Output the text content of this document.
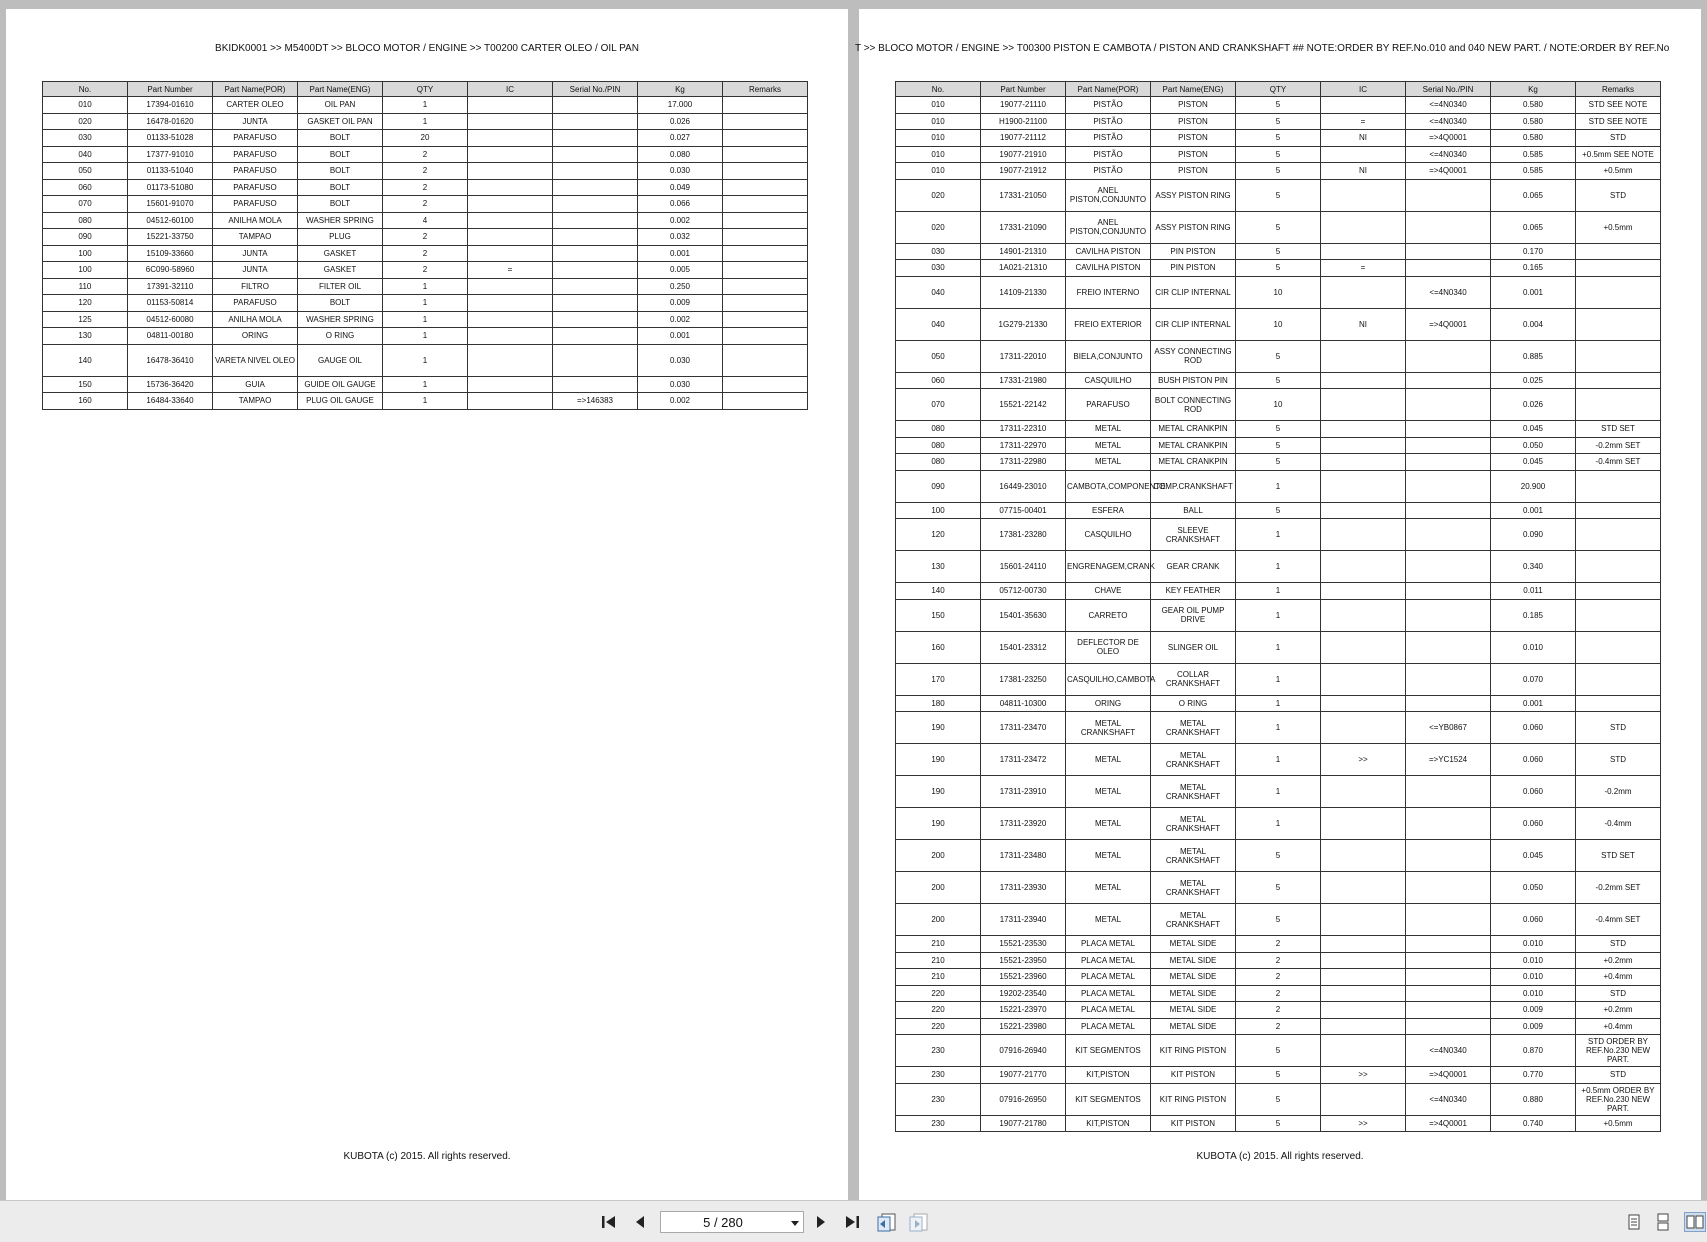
BKIDK0001 >> M5400DT >> BLOCO MOTOR / ENGINE >> T00200 CARTER OLEO / OIL PAN
No.	Part Number	Part Name(POR)	Part Name(ENG)	QTY	IC	Serial No./PIN	Kg	Remarks
010	17394-01610	CARTER OLEO	OIL PAN	1			17.000	
020	16478-01620	JUNTA	GASKET OIL PAN	1			0.026	
030	01133-51028	PARAFUSO	BOLT	20			0.027	
040	17377-91010	PARAFUSO	BOLT	2			0.080	
050	01133-51040	PARAFUSO	BOLT	2			0.030	
060	01173-51080	PARAFUSO	BOLT	2			0.049	
070	15601-91070	PARAFUSO	BOLT	2			0.066	
080	04512-60100	ANILHA MOLA	WASHER SPRING	4			0.002	
090	15221-33750	TAMPAO	PLUG	2			0.032	
100	15109-33660	JUNTA	GASKET	2			0.001	
100	6C090-58960	JUNTA	GASKET	2	=		0.005	
110	17391-32110	FILTRO	FILTER OIL	1			0.250	
120	01153-50814	PARAFUSO	BOLT	1			0.009	
125	04512-60080	ANILHA MOLA	WASHER SPRING	1			0.002	
130	04811-00180	ORING	O RING	1			0.001	
140	16478-36410	VARETA NIVEL OLEO	GAUGE OIL	1			0.030	
150	15736-36420	GUIA	GUIDE OIL GAUGE	1			0.030	
160	16484-33640	TAMPAO	PLUG OIL GAUGE	1		=>146383	0.002	
KUBOTA (c) 2015. All rights reserved.
T >> BLOCO MOTOR / ENGINE >> T00300 PISTON E CAMBOTA / PISTON AND CRANKSHAFT ## NOTE:ORDER BY REF.No.010 and 040 NEW PART. / NOTE:ORDER BY REF.No
No.	Part Number	Part Name(POR)	Part Name(ENG)	QTY	IC	Serial No./PIN	Kg	Remarks
010	19077-21110	PISTÃO	PISTON	5		<=4N0340	0.580	STD SEE NOTE
010	H1900-21100	PISTÃO	PISTON	5	=	<=4N0340	0.580	STD SEE NOTE
010	19077-21112	PISTÃO	PISTON	5	NI	=>4Q0001	0.580	STD
010	19077-21910	PISTÃO	PISTON	5		<=4N0340	0.585	+0.5mm SEE NOTE
010	19077-21912	PISTÃO	PISTON	5	NI	=>4Q0001	0.585	+0.5mm
020	17331-21050	ANEL PISTON,CONJUNTO	ASSY PISTON RING	5			0.065	STD
020	17331-21090	ANEL PISTON,CONJUNTO	ASSY PISTON RING	5			0.065	+0.5mm
030	14901-21310	CAVILHA PISTON	PIN PISTON	5			0.170	
030	1A021-21310	CAVILHA PISTON	PIN PISTON	5	=		0.165	
040	14109-21330	FREIO INTERNO	CIR CLIP INTERNAL	10		<=4N0340	0.001	
040	1G279-21330	FREIO EXTERIOR	CIR CLIP INTERNAL	10	NI	=>4Q0001	0.004	
050	17311-22010	BIELA,CONJUNTO	ASSY CONNECTING ROD	5			0.885	
060	17331-21980	CASQUILHO	BUSH PISTON PIN	5			0.025	
070	15521-22142	PARAFUSO	BOLT CONNECTING ROD	10			0.026	
080	17311-22310	METAL	METAL CRANKPIN	5			0.045	STD SET
080	17311-22970	METAL	METAL CRANKPIN	5			0.050	-0.2mm SET
080	17311-22980	METAL	METAL CRANKPIN	5			0.045	-0.4mm SET
090	16449-23010	CAMBOTA,COMPONENTE	COMP.CRANKSHAFT	1			20.900	
100	07715-00401	ESFERA	BALL	5			0.001	
120	17381-23280	CASQUILHO	SLEEVE CRANKSHAFT	1			0.090	
130	15601-24110	ENGRENAGEM,CRANK	GEAR CRANK	1			0.340	
140	05712-00730	CHAVE	KEY FEATHER	1			0.011	
150	15401-35630	CARRETO	GEAR OIL PUMP DRIVE	1			0.185	
160	15401-23312	DEFLECTOR DE OLEO	SLINGER OIL	1			0.010	
170	17381-23250	CASQUILHO,CAMBOTA	COLLAR CRANKSHAFT	1			0.070	
180	04811-10300	ORING	O RING	1			0.001	
190	17311-23470	METAL CRANKSHAFT	METAL CRANKSHAFT	1		<=YB0867	0.060	STD
190	17311-23472	METAL	METAL CRANKSHAFT	1	>>	=>YC1524	0.060	STD
190	17311-23910	METAL	METAL CRANKSHAFT	1			0.060	-0.2mm
190	17311-23920	METAL	METAL CRANKSHAFT	1			0.060	-0.4mm
200	17311-23480	METAL	METAL CRANKSHAFT	5			0.045	STD SET
200	17311-23930	METAL	METAL CRANKSHAFT	5			0.050	-0.2mm SET
200	17311-23940	METAL	METAL CRANKSHAFT	5			0.060	-0.4mm SET
210	15521-23530	PLACA METAL	METAL SIDE	2			0.010	STD
210	15521-23950	PLACA METAL	METAL SIDE	2			0.010	+0.2mm
210	15521-23960	PLACA METAL	METAL SIDE	2			0.010	+0.4mm
220	19202-23540	PLACA METAL	METAL SIDE	2			0.010	STD
220	15221-23970	PLACA METAL	METAL SIDE	2			0.009	+0.2mm
220	15221-23980	PLACA METAL	METAL SIDE	2			0.009	+0.4mm
230	07916-26940	KIT SEGMENTOS	KIT RING PISTON	5		<=4N0340	0.870	STD ORDER BY REF.No.230 NEW PART.
230	19077-21770	KIT,PISTON	KIT PISTON	5	>>	=>4Q0001	0.770	STD
230	07916-26950	KIT SEGMENTOS	KIT RING PISTON	5		<=4N0340	0.880	+0.5mm ORDER BY REF.No.230 NEW PART.
230	19077-21780	KIT,PISTON	KIT PISTON	5	>>	=>4Q0001	0.740	+0.5mm
KUBOTA (c) 2015. All rights reserved.
5 / 280
